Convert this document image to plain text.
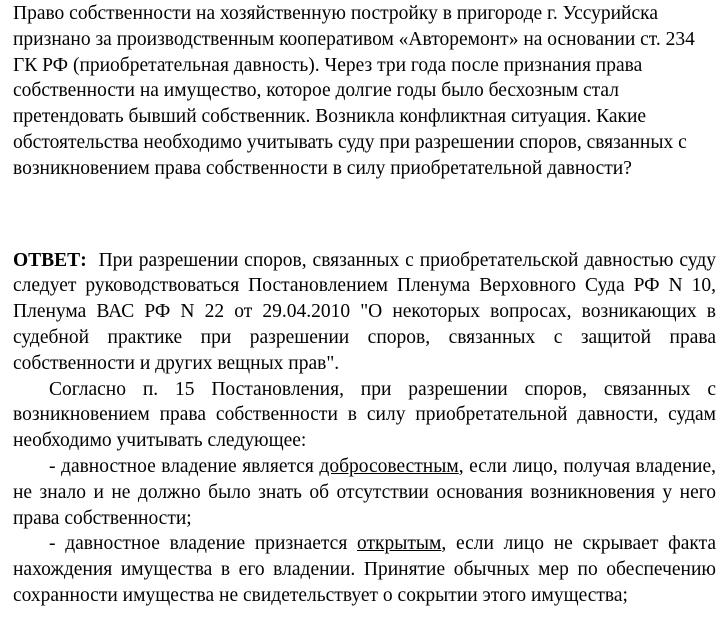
Право собственности на хозяйственную постройку в пригороде г. Уссурийска признано за производственным кооперативом «Авторемонт» на основании ст. 234 ГК РФ (приобретательная давность). Через три года после признания права собственности на имущество, которое долгие годы было бесхозным стал претендовать бывший собственник. Возникла конфликтная ситуация. Какие обстоятельства необходимо учитывать суду при разрешении споров, связанных с возникновением права собственности в силу приобретательной давности?

ОТВЕТ: При разрешении споров, связанных с приобретательской давностью суду следует руководствоваться Постановлением Пленума Верховного Суда РФ N 10, Пленума ВАС РФ N 22 от 29.04.2010 "О некоторых вопросах, возникающих в судебной практике при разрешении споров, связанных с защитой права собственности и других вещных прав".

Согласно п. 15 Постановления, при разрешении споров, связанных с возникновением права собственности в силу приобретательной давности, судам необходимо учитывать следующее:

- давностное владение является добросовестным, если лицо, получая владение, не знало и не должно было знать об отсутствии основания возникновения у него права собственности;

- давностное владение признается открытым, если лицо не скрывает факта нахождения имущества в его владении. Принятие обычных мер по обеспечению сохранности имущества не свидетельствует о сокрытии этого имущества;
